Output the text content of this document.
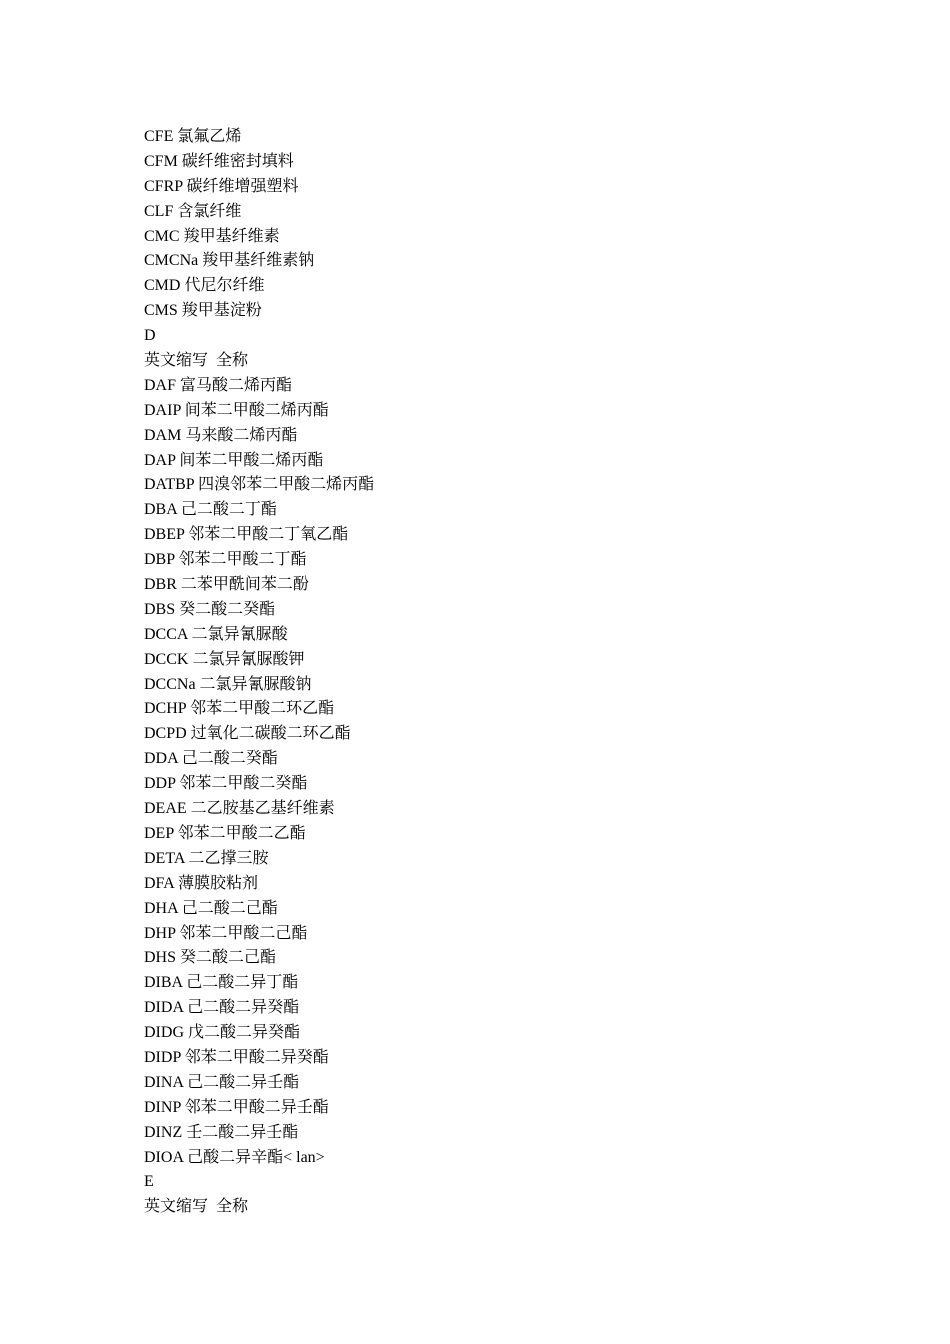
CFE 氯氟乙烯
CFM 碳纤维密封填料
CFRP 碳纤维增强塑料
CLF 含氯纤维
CMC 羧甲基纤维素
CMCNa 羧甲基纤维素钠
CMD 代尼尔纤维
CMS 羧甲基淀粉
D
英文缩写  全称
DAF 富马酸二烯丙酯
DAIP 间苯二甲酸二烯丙酯
DAM 马来酸二烯丙酯
DAP 间苯二甲酸二烯丙酯
DATBP 四溴邻苯二甲酸二烯丙酯
DBA 己二酸二丁酯
DBEP 邻苯二甲酸二丁氧乙酯
DBP 邻苯二甲酸二丁酯
DBR 二苯甲酰间苯二酚
DBS 癸二酸二癸酯
DCCA 二氯异氰脲酸
DCCK 二氯异氰脲酸钾
DCCNa 二氯异氰脲酸钠
DCHP 邻苯二甲酸二环乙酯
DCPD 过氧化二碳酸二环乙酯
DDA 己二酸二癸酯
DDP 邻苯二甲酸二癸酯
DEAE 二乙胺基乙基纤维素
DEP 邻苯二甲酸二乙酯
DETA 二乙撑三胺
DFA 薄膜胶粘剂
DHA 己二酸二己酯
DHP 邻苯二甲酸二己酯
DHS 癸二酸二己酯
DIBA 己二酸二异丁酯
DIDA 己二酸二异癸酯
DIDG 戊二酸二异癸酯
DIDP 邻苯二甲酸二异癸酯
DINA 己二酸二异壬酯
DINP 邻苯二甲酸二异壬酯
DINZ 壬二酸二异壬酯
DIOA 己酸二异辛酯< lan>
E
英文缩写  全称
